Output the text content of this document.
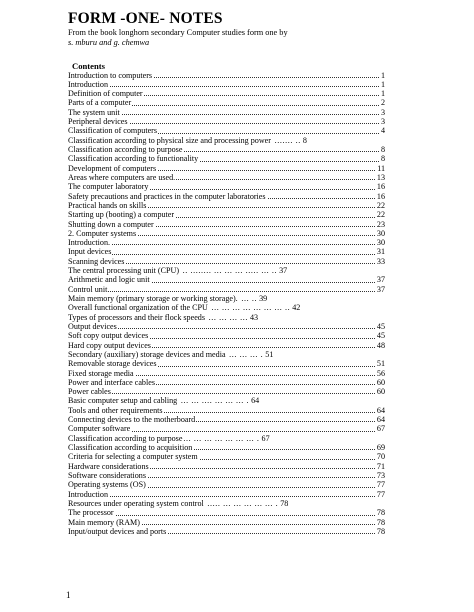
FORM -ONE- NOTES
From the book longhorn secondary Computer studies form one by
s. mburu and g. chemwa
Contents
Introduction to computers	1
Introduction	1
Definition of computer	1
Parts of a computer	2
The system unit	3
Peripheral devices	3
Classification of computers	4
Classification according to physical size and processing power ....... .. 8
Classification according to purpose	8
Classification according to functionality	8
Development of computers	11
Areas where computers are used.	13
The computer laboratory	16
Safety precautions and practices in the computer laboratories	16
Practical hands on skills	22
Starting up (booting) a computer	22
Shutting down a computer	23
2. Computer systems	30
Introduction.	30
Input devices	31
Scanning devices	33
The central processing unit (CPU) .. ........ ... ... ... ..... ... .. 37
Arithmetic and logic unit	37
Control unit	37
Main memory (primary storage or working storage). ... .. 39
Overall functional organization of the CPU ... ... ... ... ... ... ... .. 42
Types of processors and their flock speeds ... ... ... ... 43
Output devices	45
Soft copy output devices	45
Hard copy output devices	48
Secondary (auxiliary) storage devices and media ... ... ... . 51
Removable storage devices	51
Fixed storage media	56
Power and interface cables	60
Power cables	60
Basic computer setup and cabling ... ... .... ... ... ... . 64
Tools and other requirements	64
Connecting devices to the motherboard	64
Computer software	67
Classification according to purpose... ... ... ... ... ... ... . 67
Classification according to acquisition	69
Criteria for selecting a computer system	70
Hardware considerations	71
Software considerations	73
Operating systems (OS)	77
Introduction	77
Resources under operating system control ..... ... ... ... ... ... . 78
The processor	78
Main memory (RAM)	78
Input/output devices and ports	78
1
